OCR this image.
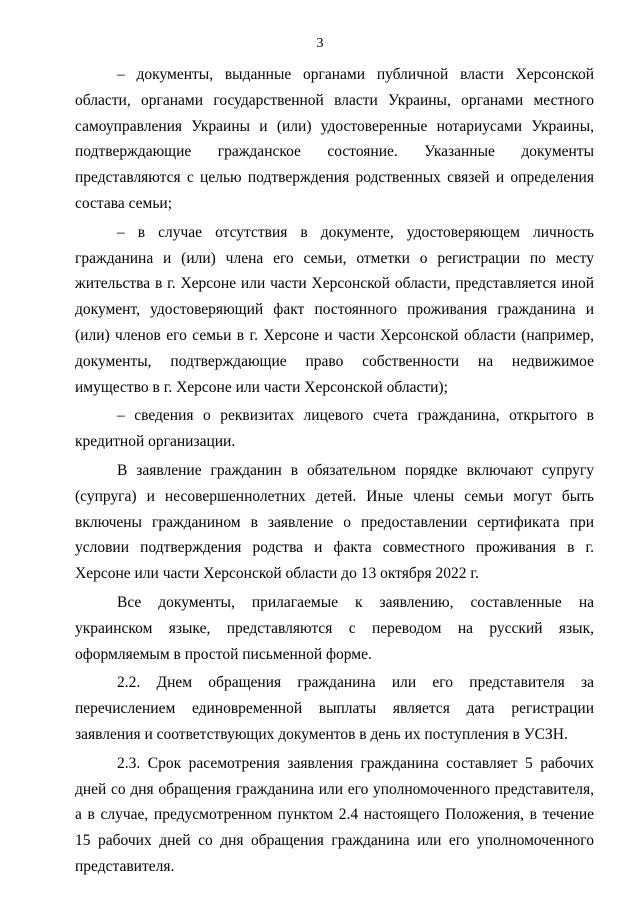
3

– документы, выданные органами публичной власти Херсонской области, органами государственной власти Украины, органами местного самоуправления Украины и (или) удостоверенные нотариусами Украины, подтверждающие гражданское состояние. Указанные документы представляются с целью подтверждения родственных связей и определения состава семьи;

– в случае отсутствия в документе, удостоверяющем личность гражданина и (или) члена его семьи, отметки о регистрации по месту жительства в г. Херсоне или части Херсонской области, представляется иной документ, удостоверяющий факт постоянного проживания гражданина и (или) членов его семьи в г. Херсоне и части Херсонской области (например, документы, подтверждающие право собственности на недвижимое имущество в г. Херсоне или части Херсонской области);

– сведения о реквизитах лицевого счета гражданина, открытого в кредитной организации.

В заявление гражданин в обязательном порядке включают супругу (супруга) и несовершеннолетних детей. Иные члены семьи могут быть включены гражданином в заявление о предоставлении сертификата при условии подтверждения родства и факта совместного проживания в г. Херсоне или части Херсонской области до 13 октября 2022 г.

Все документы, прилагаемые к заявлению, составленные на украинском языке, представляются с переводом на русский язык, оформляемым в простой письменной форме.

2.2. Днем обращения гражданина или его представителя за перечислением единовременной выплаты является дата регистрации заявления и соответствующих документов в день их поступления в УСЗН.

2.3. Срок расемотрения заявления гражданина составляет 5 рабочих дней со дня обращения гражданина или его уполномоченного представителя, а в случае, предусмотренном пунктом 2.4 настоящего Положения, в течение 15 рабочих дней со дня обращения гражданина или его уполномоченного представителя.
